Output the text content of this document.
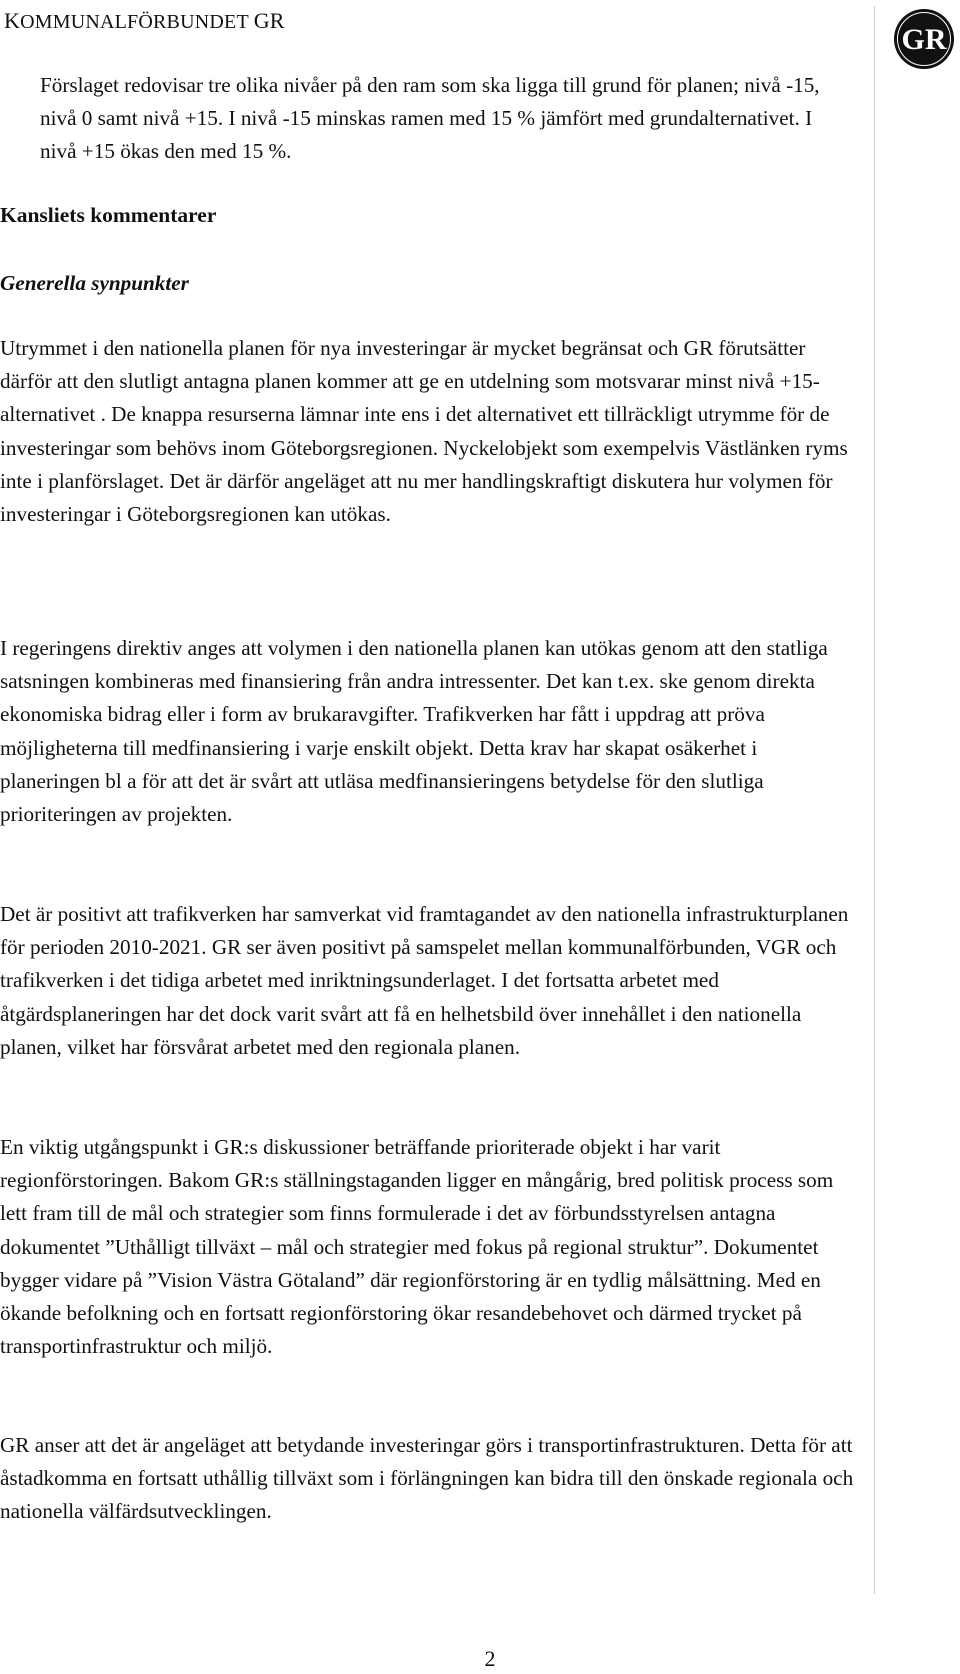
KOMMUNALFÖRBUNDET GR
GR

Förslaget redovisar tre olika nivåer på den ram som ska ligga till grund för planen; nivå -15, nivå 0 samt nivå +15. I nivå -15 minskas ramen med 15 % jämfört med grundalternativet. I nivå +15 ökas den med 15 %.

Kansliets kommentarer
Generella synpunkter

Utrymmet i den nationella planen för nya investeringar är mycket begränsat och GR förutsätter därför att den slutligt antagna planen kommer att ge en utdelning som motsvarar minst nivå +15-alternativet . De knappa resurserna lämnar inte ens i det alternativet ett tillräckligt utrymme för de investeringar som behövs inom Göteborgsregionen. Nyckelobjekt som exempelvis Västlänken ryms inte i planförslaget. Det är därför angeläget att nu mer handlingskraftigt diskutera hur volymen för investeringar i Göteborgsregionen kan utökas.

I regeringens direktiv anges att volymen i den nationella planen kan utökas genom att den statliga satsningen kombineras med finansiering från andra intressenter. Det kan t.ex. ske genom direkta ekonomiska bidrag eller i form av brukaravgifter. Trafikverken har fått i uppdrag att pröva möjligheterna till medfinansiering i varje enskilt objekt. Detta krav har skapat osäkerhet i planeringen bl a för att det är svårt att utläsa medfinansieringens betydelse för den slutliga prioriteringen av projekten.

Det är positivt att trafikverken har samverkat vid framtagandet av den nationella infrastrukturplanen för perioden 2010-2021. GR ser även positivt på samspelet mellan kommunalförbunden, VGR och trafikverken i det tidiga arbetet med inriktningsunderlaget. I det fortsatta arbetet med åtgärdsplaneringen har det dock varit svårt att få en helhetsbild över innehållet i den nationella planen, vilket har försvårat arbetet med den regionala planen.

En viktig utgångspunkt i GR:s diskussioner beträffande prioriterade objekt i har varit regionförstoringen. Bakom GR:s ställningstaganden ligger en mångårig, bred politisk process som lett fram till de mål och strategier som finns formulerade i det av förbundsstyrelsen antagna dokumentet ”Uthålligt tillväxt – mål och strategier med fokus på regional struktur”. Dokumentet bygger vidare på ”Vision Västra Götaland” där regionförstoring är en tydlig målsättning. Med en ökande befolkning och en fortsatt regionförstoring ökar resandebehovet och därmed trycket på transportinfrastruktur och miljö.

GR anser att det är angeläget att betydande investeringar görs i transportinfrastrukturen. Detta för att åstadkomma en fortsatt uthållig tillväxt som i förlängningen kan bidra till den önskade regionala och nationella välfärdsutvecklingen.

2
